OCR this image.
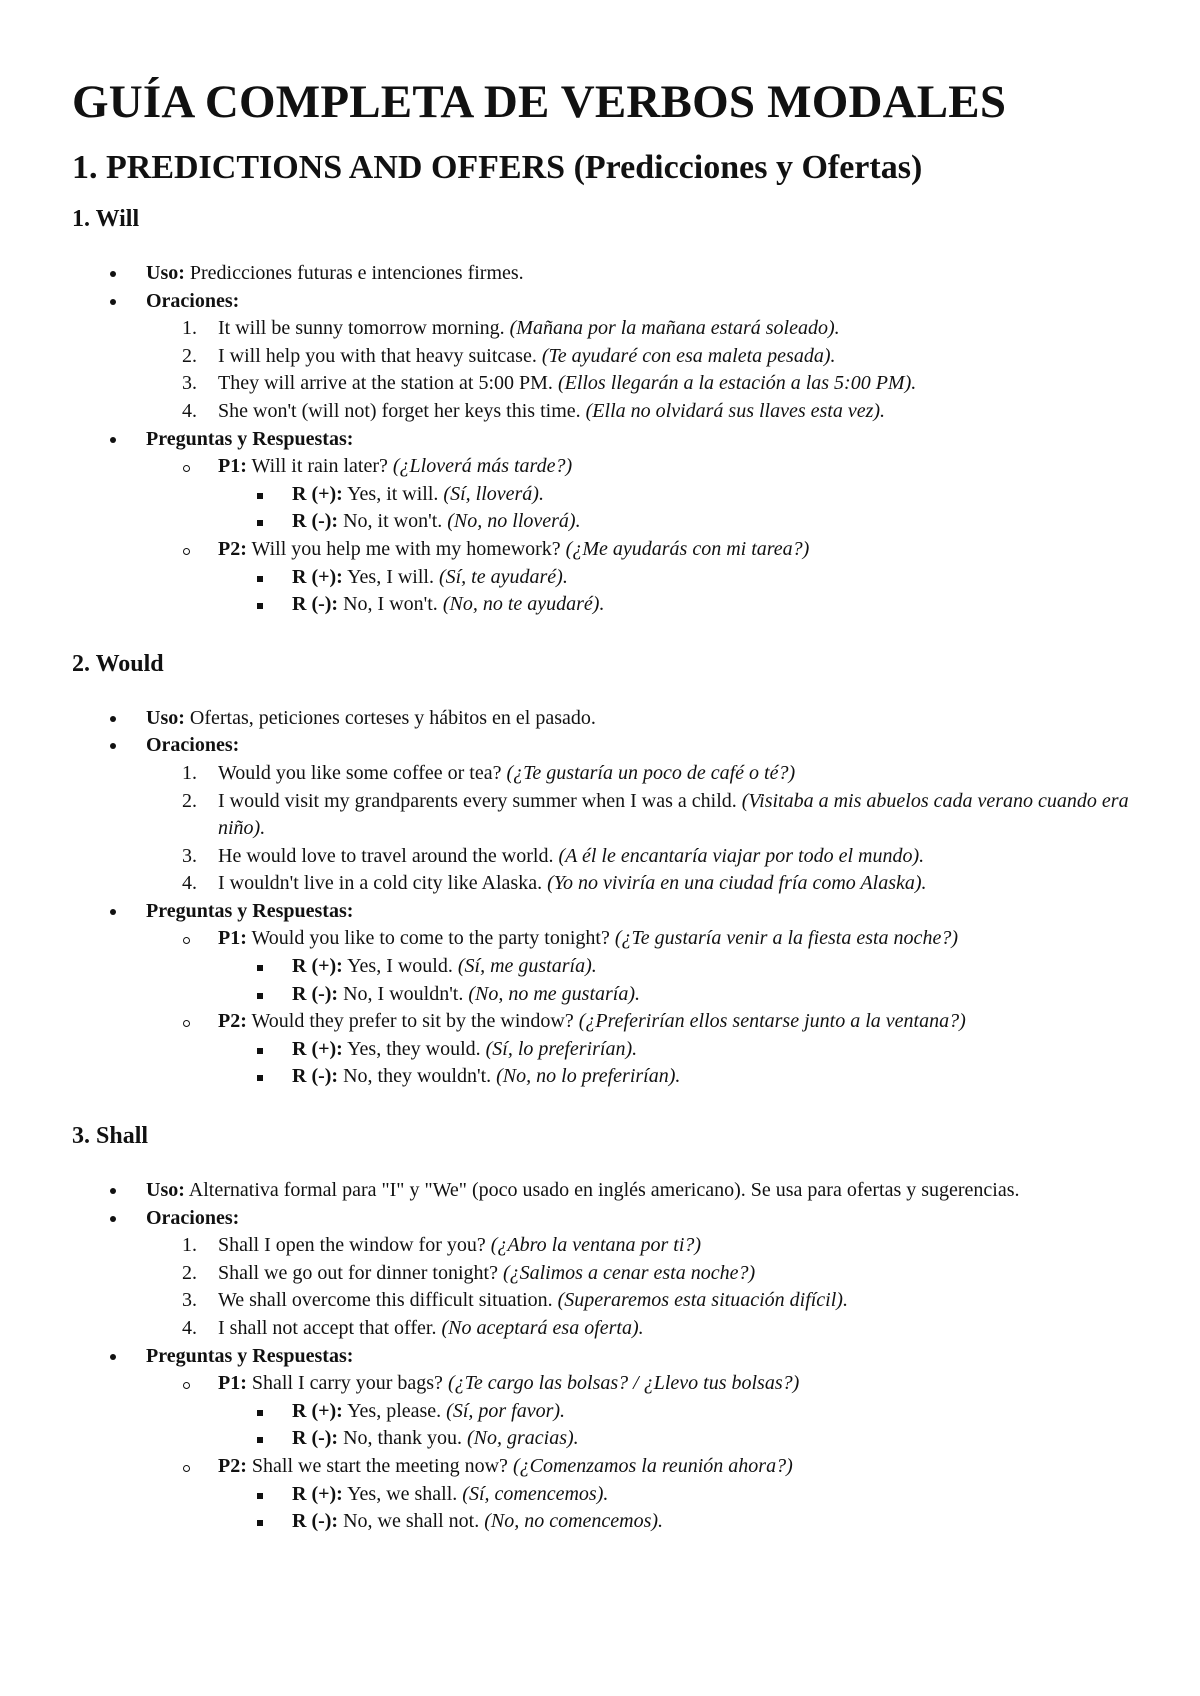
GUÍA COMPLETA DE VERBOS MODALES
1. PREDICTIONS AND OFFERS (Predicciones y Ofertas)
1. Will
Uso: Predicciones futuras e intenciones firmes.
Oraciones:
1.	It will be sunny tomorrow morning. (Mañana por la mañana estará soleado).
2.	I will help you with that heavy suitcase. (Te ayudaré con esa maleta pesada).
3.	They will arrive at the station at 5:00 PM. (Ellos llegarán a la estación a las 5:00 PM).
4.	She won't (will not) forget her keys this time. (Ella no olvidará sus llaves esta vez).
Preguntas y Respuestas:
P1: Will it rain later? (¿Lloverá más tarde?)
R (+): Yes, it will. (Sí, lloverá).
R (-): No, it won't. (No, no lloverá).
P2: Will you help me with my homework? (¿Me ayudarás con mi tarea?)
R (+): Yes, I will. (Sí, te ayudaré).
R (-): No, I won't. (No, no te ayudaré).
2. Would
Uso: Ofertas, peticiones corteses y hábitos en el pasado.
Oraciones:
1.	Would you like some coffee or tea? (¿Te gustaría un poco de café o té?)
2.	I would visit my grandparents every summer when I was a child. (Visitaba a mis abuelos cada verano cuando era niño).
3.	He would love to travel around the world. (A él le encantaría viajar por todo el mundo).
4.	I wouldn't live in a cold city like Alaska. (Yo no viviría en una ciudad fría como Alaska).
Preguntas y Respuestas:
P1: Would you like to come to the party tonight? (¿Te gustaría venir a la fiesta esta noche?)
R (+): Yes, I would. (Sí, me gustaría).
R (-): No, I wouldn't. (No, no me gustaría).
P2: Would they prefer to sit by the window? (¿Preferirían ellos sentarse junto a la ventana?)
R (+): Yes, they would. (Sí, lo preferirían).
R (-): No, they wouldn't. (No, no lo preferirían).
3. Shall
Uso: Alternativa formal para "I" y "We" (poco usado en inglés americano). Se usa para ofertas y sugerencias.
Oraciones:
1.	Shall I open the window for you? (¿Abro la ventana por ti?)
2.	Shall we go out for dinner tonight? (¿Salimos a cenar esta noche?)
3.	We shall overcome this difficult situation. (Superaremos esta situación difícil).
4.	I shall not accept that offer. (No aceptará esa oferta).
Preguntas y Respuestas:
P1: Shall I carry your bags? (¿Te cargo las bolsas? / ¿Llevo tus bolsas?)
R (+): Yes, please. (Sí, por favor).
R (-): No, thank you. (No, gracias).
P2: Shall we start the meeting now? (¿Comenzamos la reunión ahora?)
R (+): Yes, we shall. (Sí, comencemos).
R (-): No, we shall not. (No, no comencemos).
